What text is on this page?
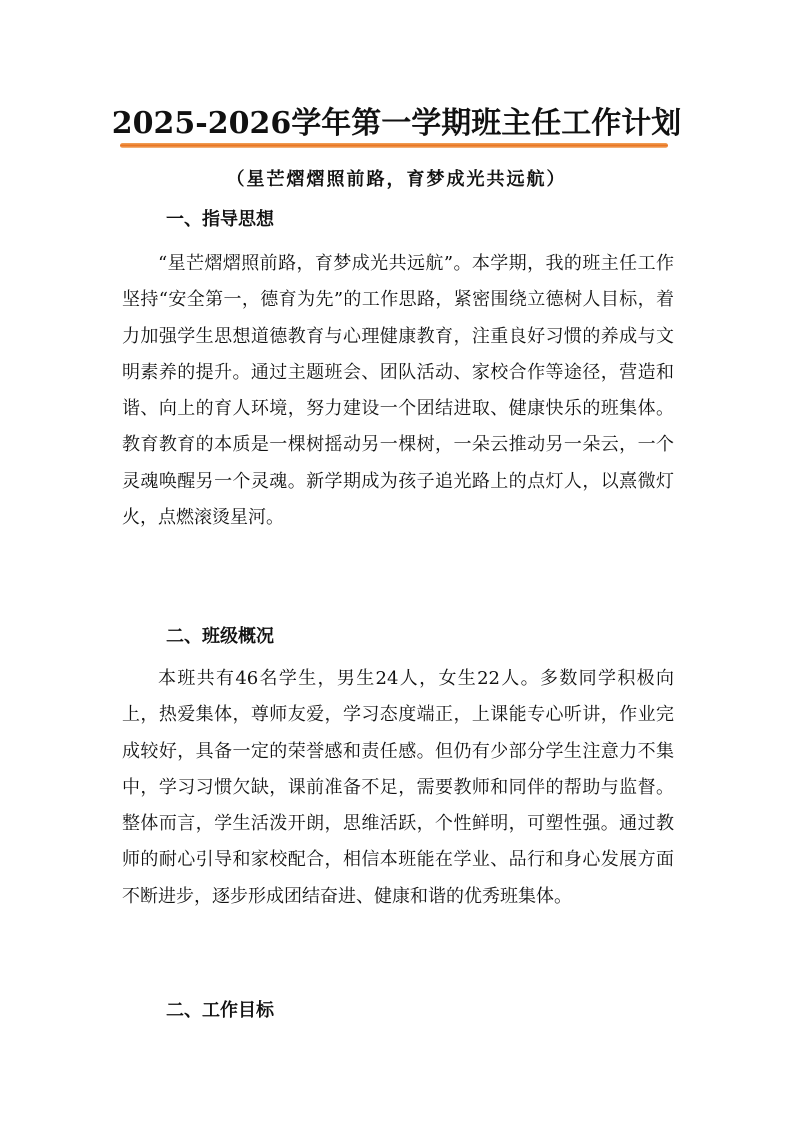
2025-2026学年第一学期班主任工作计划
（星芒熠熠照前路，育梦成光共远航）
一、指导思想

“星芒熠熠照前路，育梦成光共远航”。本学期，我的班主任工作坚持“安全第一，德育为先”的工作思路，紧密围绕立德树人目标，着力加强学生思想道德教育与心理健康教育，注重良好习惯的养成与文明素养的提升。通过主题班会、团队活动、家校合作等途径，营造和谐、向上的育人环境，努力建设一个团结进取、健康快乐的班集体。教育教育的本质是一棵树摇动另一棵树，一朵云推动另一朵云，一个灵魂唤醒另一个灵魂。新学期成为孩子追光路上的点灯人，以熹微灯火，点燃滚烫星河。

二、班级概况

本班共有46名学生，男生24人，女生22人。多数同学积极向上，热爱集体，尊师友爱，学习态度端正，上课能专心听讲，作业完成较好，具备一定的荣誉感和责任感。但仍有少部分学生注意力不集中，学习习惯欠缺，课前准备不足，需要教师和同伴的帮助与监督。整体而言，学生活泼开朗，思维活跃，个性鲜明，可塑性强。通过教师的耐心引导和家校配合，相信本班能在学业、品行和身心发展方面不断进步，逐步形成团结奋进、健康和谐的优秀班集体。

二、工作目标
